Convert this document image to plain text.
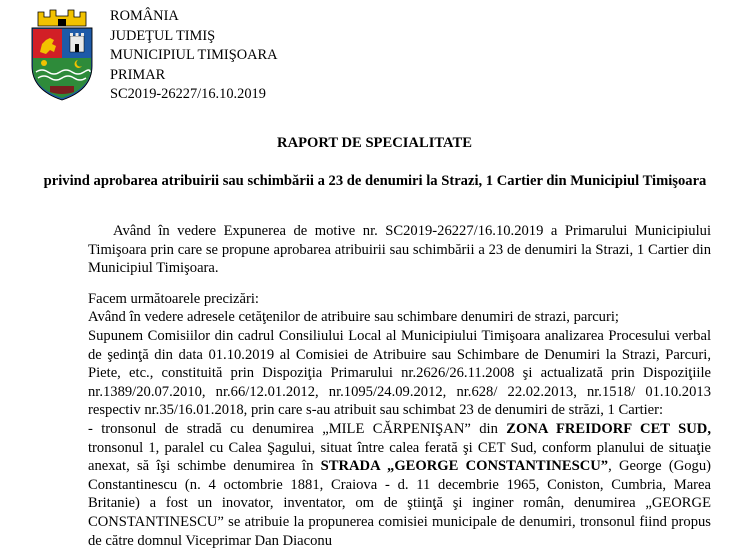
ROMÂNIA
JUDEŢUL TIMIŞ
MUNICIPIUL TIMIŞOARA
PRIMAR
SC2019-26227/16.10.2019
RAPORT DE SPECIALITATE
privind aprobarea atribuirii sau schimbării a 23 de denumiri la Strazi, 1 Cartier din Municipiul Timişoara
Având în vedere Expunerea de motive nr. SC2019-26227/16.10.2019 a Primarului Municipiului Timişoara prin care se propune aprobarea atribuirii sau schimbării a 23 de denumiri la Strazi, 1 Cartier din Municipiul Timişoara.
Facem următoarele precizări:
Având în vedere adresele cetăţenilor de atribuire sau schimbare denumiri de strazi, parcuri;
Supunem Comisiilor din cadrul Consiliului Local al Municipiului Timişoara analizarea Procesului verbal de şedinţă din data 01.10.2019 al Comisiei de Atribuire sau Schimbare de Denumiri la Strazi, Parcuri, Piete, etc., constituită prin Dispoziţia Primarului nr.2626/26.11.2008 şi actualizată prin Dispoziţiile nr.1389/20.07.2010, nr.66/12.01.2012, nr.1095/24.09.2012, nr.628/ 22.02.2013, nr.1518/ 01.10.2013 respectiv nr.35/16.01.2018, prin care s-au atribuit sau schimbat 23 de denumiri de străzi, 1 Cartier:
- tronsonul de stradă cu denumirea „MILE CĂRPENIŞAN” din ZONA FREIDORF CET SUD, tronsonul 1, paralel cu Calea Şagului, situat între calea ferată şi CET Sud, conform planului de situaţie anexat, să îşi schimbe denumirea în STRADA „GEORGE CONSTANTINESCU”, George (Gogu) Constantinescu (n. 4 octombrie 1881, Craiova - d. 11 decembrie 1965, Coniston, Cumbria, Marea Britanie) a fost un inovator, inventator, om de ştiinţă şi inginer român, denumirea „GEORGE CONSTANTINESCU” se atribuie la propunerea comisiei municipale de denumiri, tronsonul fiind propus de către domnul Viceprimar Dan Diaconu
